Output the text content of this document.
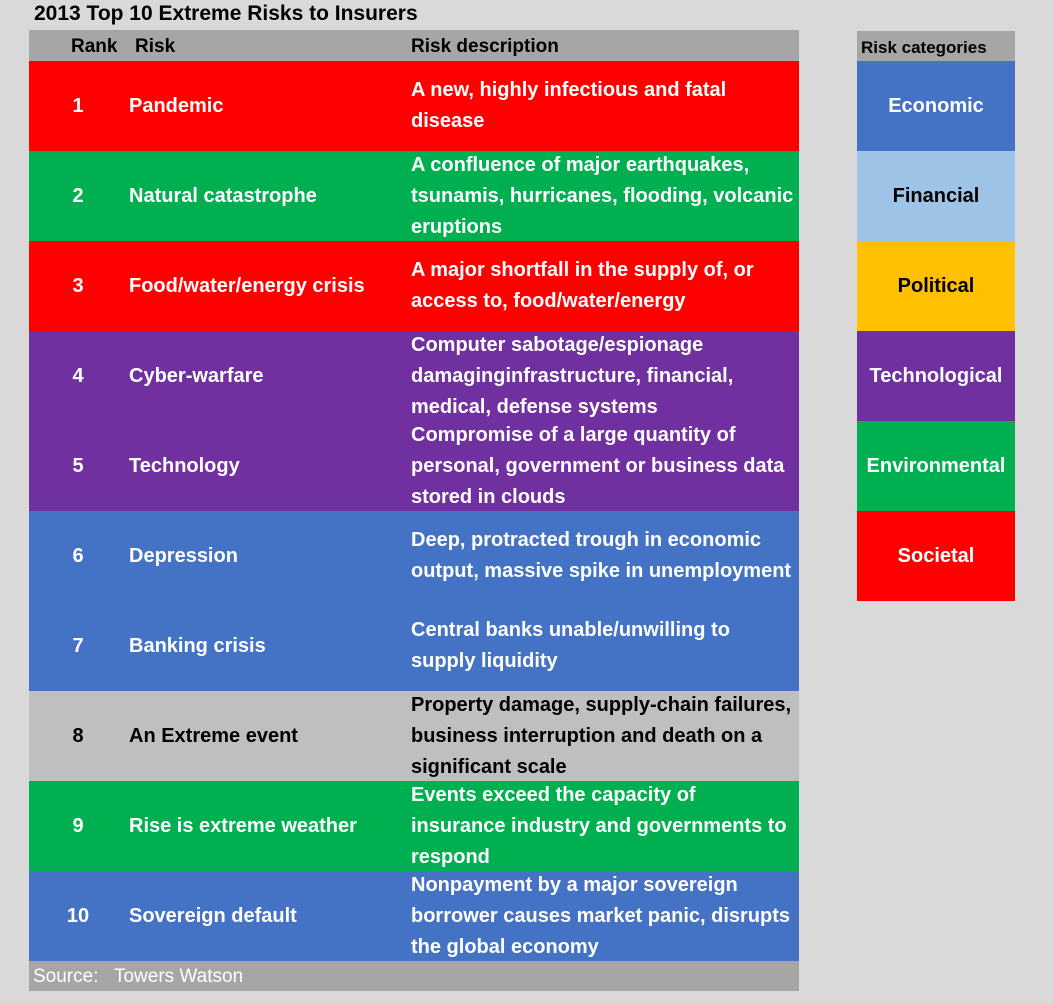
2013 Top 10 Extreme Risks to Insurers
Rank Risk	Risk description
1	Pandemic
A new, highly infectious and fatal disease
2	Natural catastrophe
A confluence of major earthquakes, tsunamis, hurricanes, flooding, volcanic eruptions
3	Food/water/energy crisis
A major shortfall in the supply of, or access to, food/water/energy
4	Cyber-warfare
Computer sabotage/espionage damaginginfrastructure, financial, medical, defense systems
5	Technology
Compromise of a large quantity of personal, government or business data stored in clouds
6	Depression
Deep, protracted trough in economic output, massive spike in unemployment
7	Banking crisis
Central banks unable/unwilling to supply liquidity
8	An Extreme event
Property damage, supply-chain failures, business interruption and death on a significant scale
9	Rise is extreme weather
Events exceed the capacity of insurance industry and governments to respond
10	Sovereign default
Nonpayment by a major sovereign borrower causes market panic, disrupts the global economy
Source:   Towers Watson
Risk categories
Economic
Financial
Political
Technological
Environmental
Societal
